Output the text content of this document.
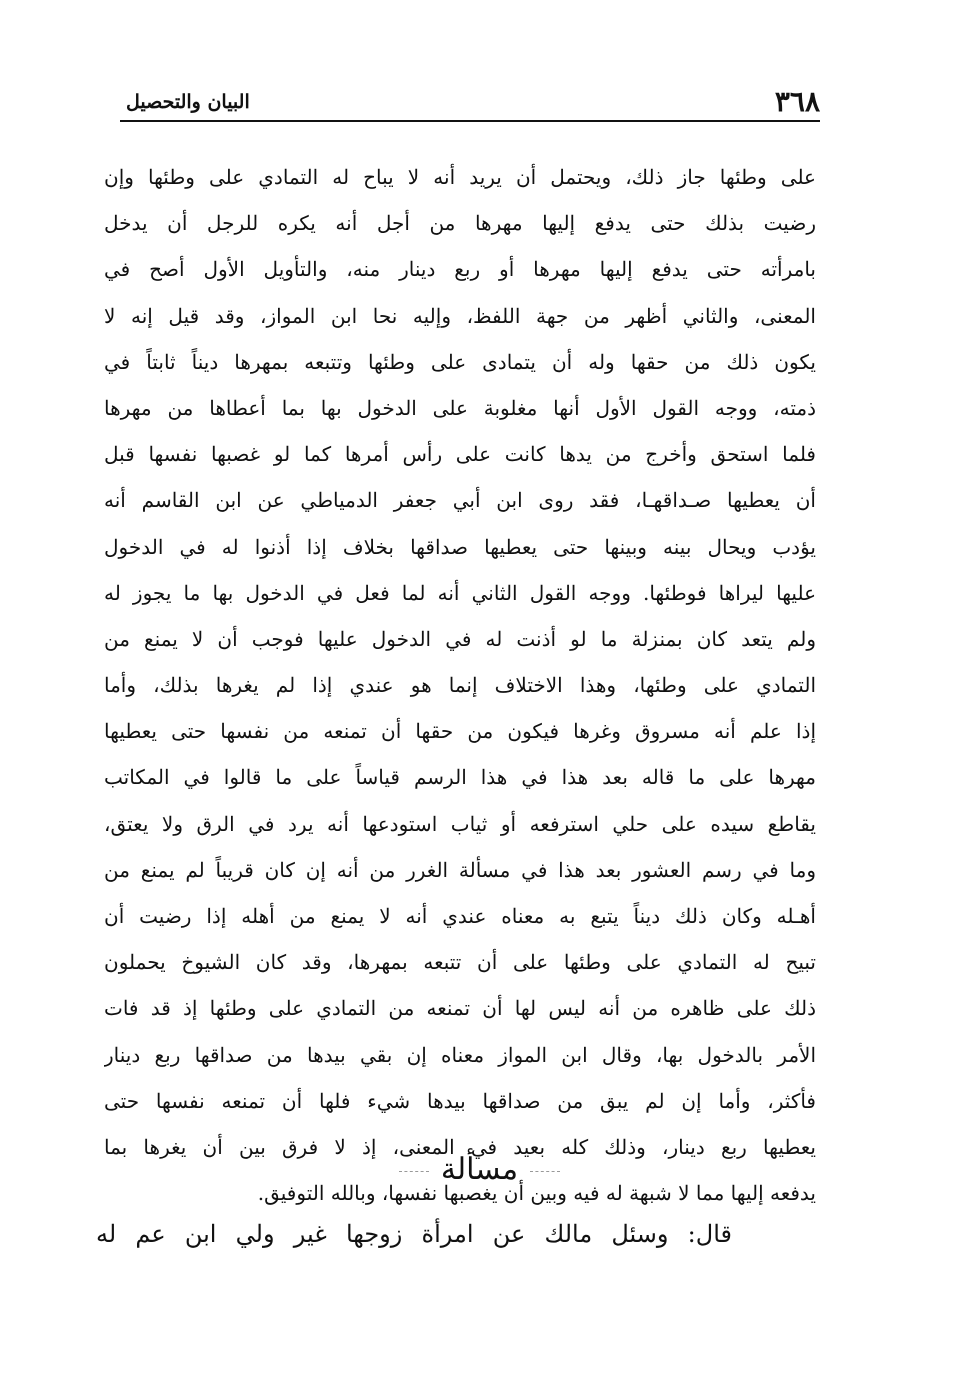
٣٦٨
البيان والتحصيل
على وطئها جاز ذلك، ويحتمل أن يريد أنه لا يباح له التمادي على وطئها وإن
رضيت بذلك حتى يدفع إليها مهرها من أجل أنه يكره للرجل أن يدخل
بامرأته حتى يدفع إليها مهرها أو ربع دينار منه، والتأويل الأول أصح في
المعنى، والثاني أظهر من جهة اللفظ، وإليه نحا ابن المواز، وقد قيل إنه لا
يكون ذلك من حقها وله أن يتمادى على وطئها وتتبعه بمهرها ديناً ثابتاً في
ذمته، ووجه القول الأول أنها مغلوبة على الدخول بها بما أعطاها من مهرها
فلما استحق وأخرج من يدها كانت على رأس أمرها كما لو غصبها نفسها قبل
أن يعطيها صـداقهـا، فقد روى ابن أبي جعفر الدمياطي عن ابن القاسم أنه
يؤدب ويحال بينه وبينها حتى يعطيها صداقها بخلاف إذا أذنوا له في الدخول
عليها ليراها فوطئها. ووجه القول الثاني أنه لما فعل في الدخول بها ما يجوز له
ولم يتعد كان بمنزلة ما لو أذنت له في الدخول عليها فوجب أن لا يمنع من
التمادي على وطئها، وهذا الاختلاف إنما هو عندي إذا لم يغرها بذلك، وأما
إذا علم أنه مسروق وغرها فيكون من حقها أن تمنعه من نفسها حتى يعطيها
مهرها على ما قاله بعد هذا في هذا الرسم قياساً على ما قالوا في المكاتب
يقاطع سيده على حلي استرفعه أو ثياب استودعها أنه يرد في الرق ولا يعتق،
وما في رسم العشور بعد هذا في مسألة الغرر من أنه إن كان قريباً لم يمنع من
أهـله وكان ذلك ديناً يتبع به معناه عندي أنه لا يمنع من أهله إذا رضيت أن
تبيح له التمادي على وطئها على أن تتبعه بمهرها، وقد كان الشيوخ يحملون
ذلك على ظاهره من أنه ليس لها أن تمنعه من التمادي على وطئها إذ قد فات
الأمر بالدخول بها، وقال ابن المواز معناه إن بقي بيدها من صداقها ربع دينار
فأكثر، وأما إن لم يبق من صداقها بيدها شيء فلها أن تمنعه نفسها حتى
يعطيها ربع دينار، وذلك كله بعيد في المعنى، إذ لا فرق بين أن يغرها بما
يدفعه إليها مما لا شبهة له فيه وبين أن يغصبها نفسها، وبالله التوفيق.
مسألة
قال: وسئل مالك عن امرأة زوجها غير ولي ابن عم له
